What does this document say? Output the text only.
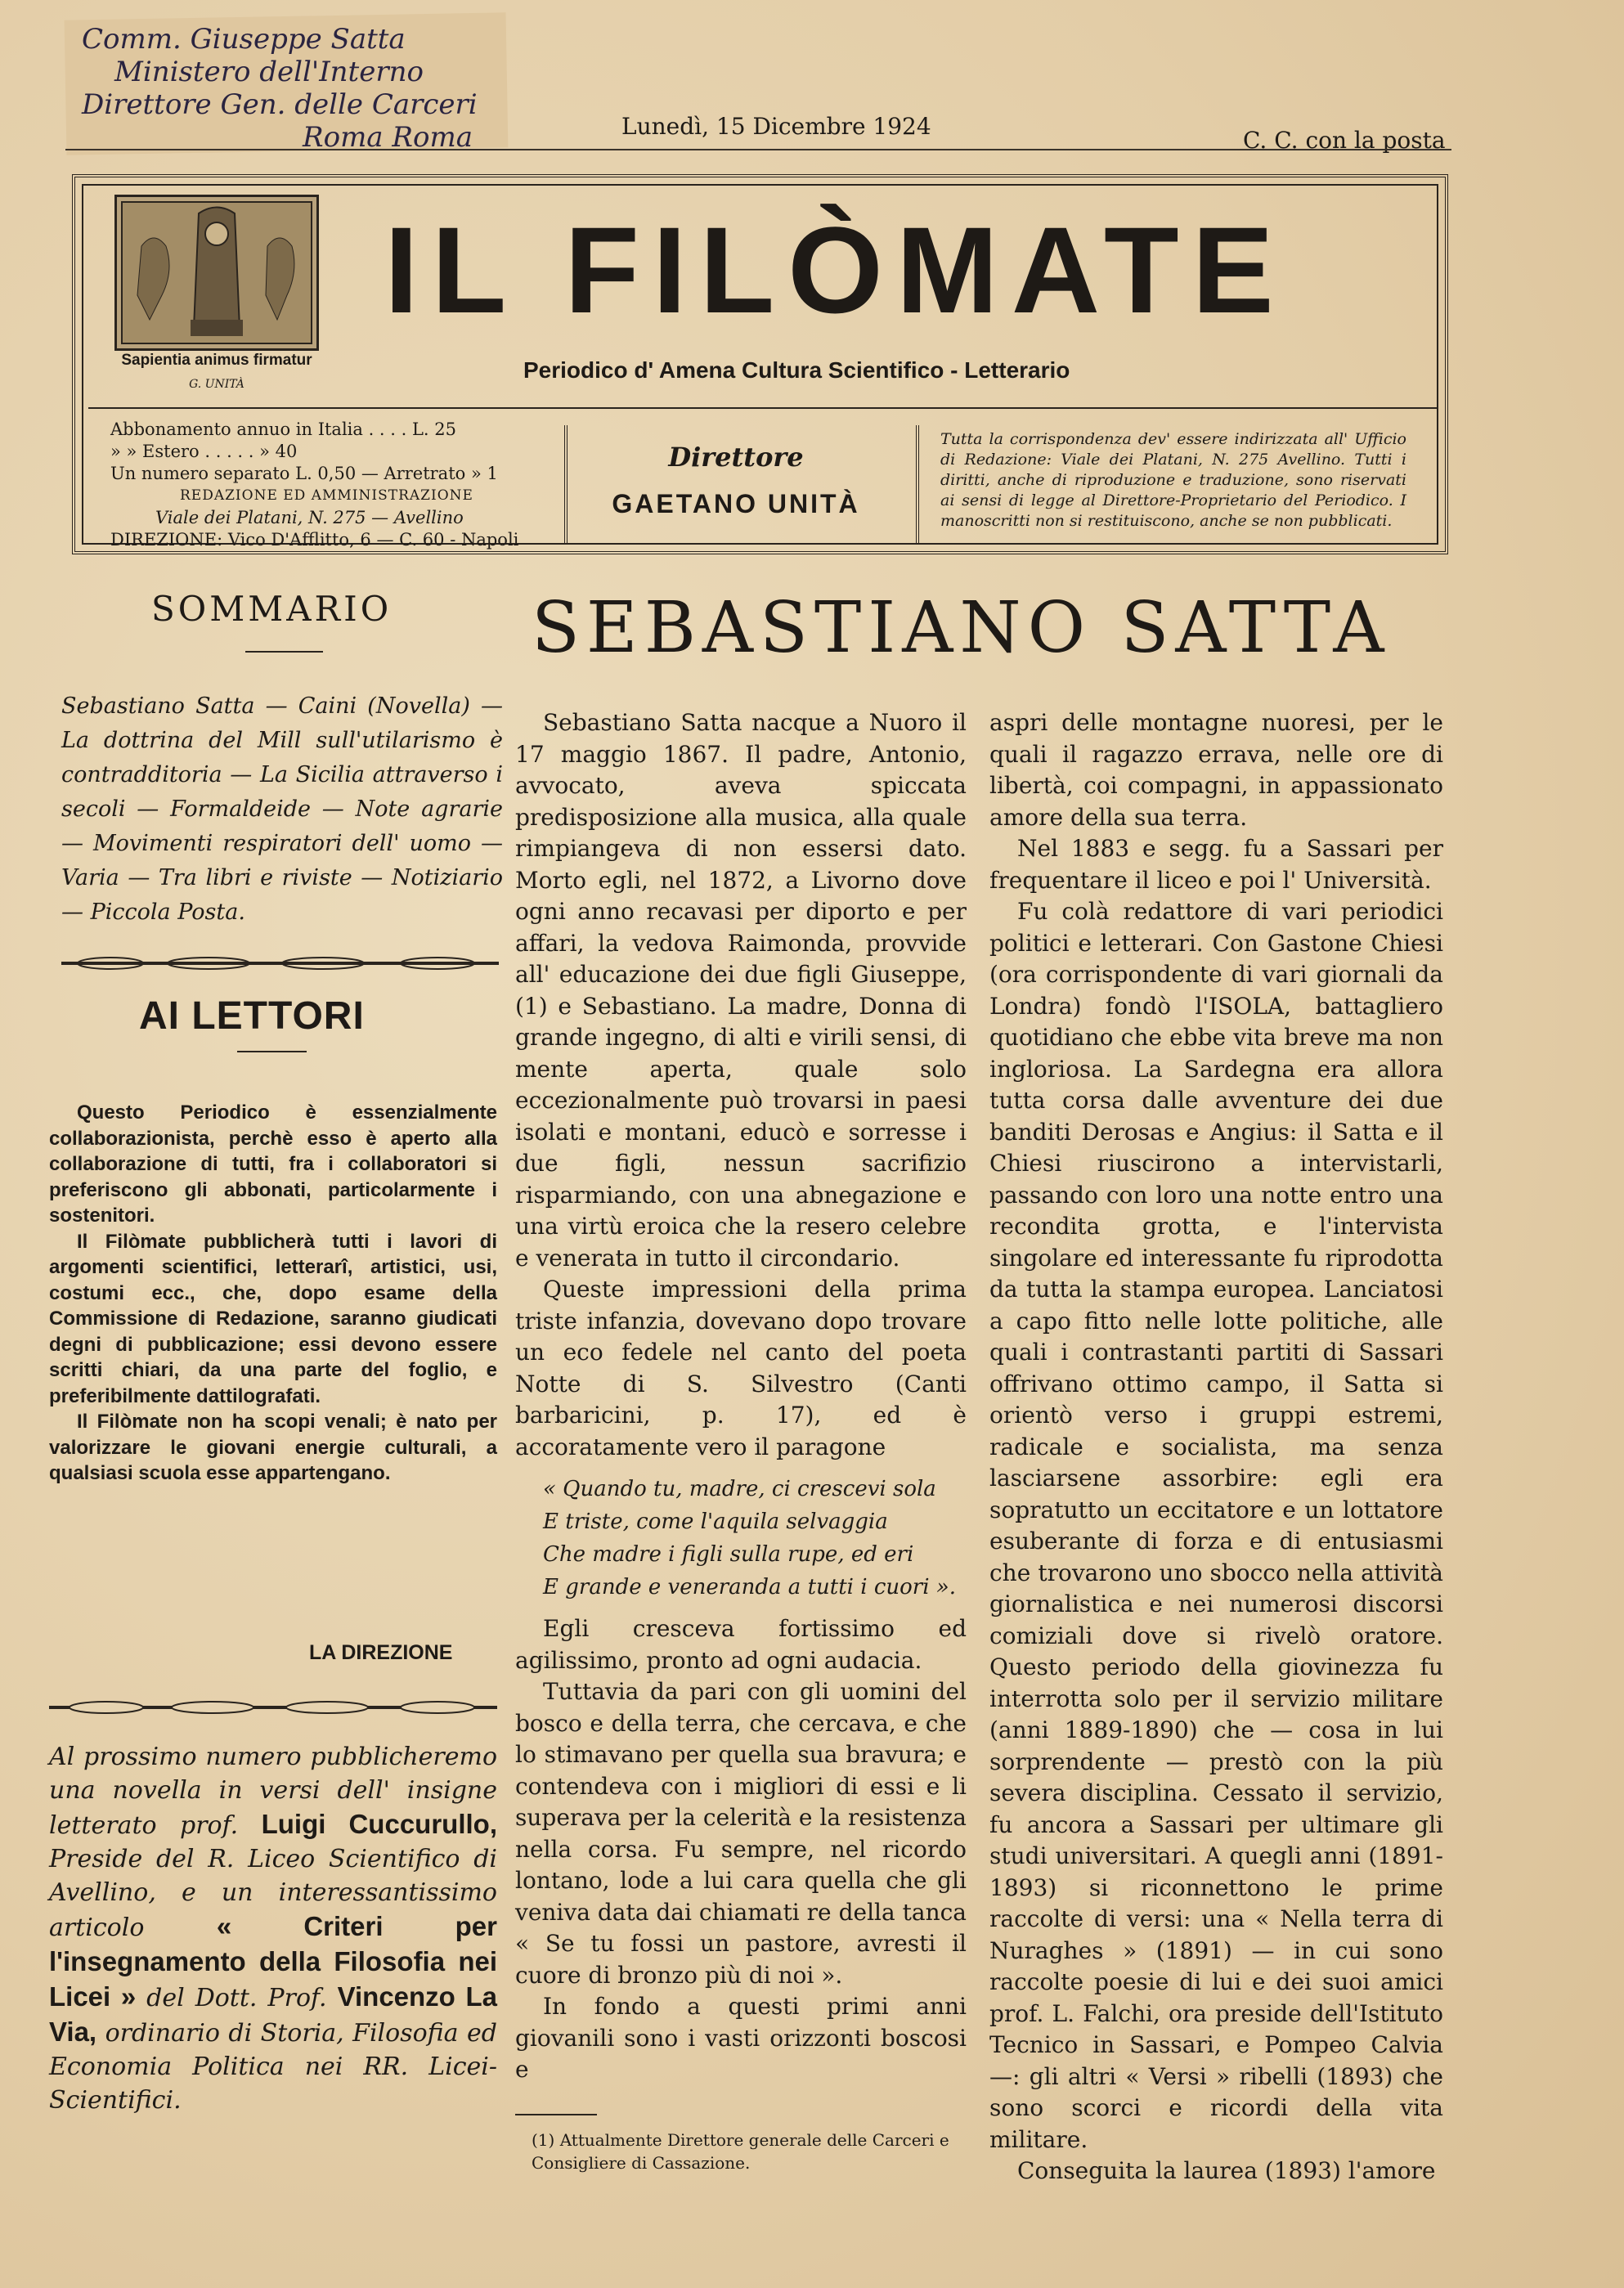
Comm. Giuseppe Satta

Ministero dell'Interno

Direttore Gen. delle Carceri

Roma Roma	Lunedì, 15 Dicembre 1924
C. C. con la posta
Sapientia animus firmatur
G. UNITÀ
IL FILÒMATE
Periodico d' Amena Cultura Scientifico - Letterario
Abbonamento annuo in Italia . . . . L. 25
» » Estero . . . . . » 40
Un numero separato L. 0,50 — Arretrato » 1
REDAZIONE ED AMMINISTRAZIONE
Viale dei Platani, N. 275 — Avellino
DIREZIONE: Vico D'Afflitto, 6 — C. 60 - Napoli
Direttore
GAETANO UNITÀ
Tutta la corrispondenza dev' essere indirizzata all' Ufficio di Redazione: Viale dei Platani, N. 275 Avellino. Tutti i diritti, anche di riproduzione e traduzione, sono riservati ai sensi di legge al Direttore-Proprietario del Periodico. I manoscritti non si restituiscono, anche se non pubblicati.
SOMMARIO
Sebastiano Satta — Caini (Novella) — La dottrina del Mill sull'utilarismo è contradditoria — La Sicilia attraverso i secoli — Formaldeide — Note agrarie — Movimenti respiratori dell' uomo — Varia — Tra libri e riviste — Notiziario — Piccola Posta.
AI LETTORI

Questo Periodico è essenzialmente collaborazionista, perchè esso è aperto alla collaborazione di tutti, fra i collaboratori si preferiscono gli abbonati, particolarmente i sostenitori.

Il Filòmate pubblicherà tutti i lavori di argomenti scientifici, letterarî, artistici, usi, costumi ecc., che, dopo esame della Commissione di Redazione, saranno giudicati degni di pubblicazione; essi devono essere scritti chiari, da una parte del foglio, e preferibilmente dattilografati.

Il Filòmate non ha scopi venali; è nato per valorizzare le giovani energie culturali, a qualsiasi scuola esse appartengano.

LA DIREZIONE
Al prossimo numero pubblicheremo una novella in versi dell' insigne letterato prof. Luigi Cuccurullo, Preside del R. Liceo Scientifico di Avellino, e un interessantissimo articolo	« Criteri per l'insegnamento della Filosofia nei Licei » del Dott. Prof. Vincenzo La Via, ordinario di Storia, Filosofia ed Economia Politica nei RR. Licei-Scientifici.
SEBASTIANO SATTA

Sebastiano Satta nacque a Nuoro il 17 maggio 1867. Il padre, Antonio, avvocato, aveva spiccata predisposizione alla musica, alla quale rimpiangeva di non essersi dato. Morto egli, nel 1872, a Livorno dove ogni anno recavasi per diporto e per affari, la vedova Raimonda, provvide all' educazione dei due figli Giuseppe, (1) e Sebastiano. La madre, Donna di grande ingegno, di alti e virili sensi, di mente aperta, quale solo eccezionalmente può trovarsi in paesi isolati e montani, educò e sorresse i due figli, nessun sacrifizio risparmiando, con una abnegazione e una virtù eroica che la resero celebre e venerata in tutto il circondario.

Queste impressioni della prima triste infanzia, dovevano dopo trovare un eco fedele nel canto del poeta Notte di S. Silvestro (Canti barbaricini, p. 17), ed è accoratamente vero il paragone

« Quando tu, madre, ci crescevi sola
E triste, come l'aquila selvaggia
Che madre i figli sulla rupe, ed eri
E grande e veneranda a tutti i cuori ».

Egli cresceva fortissimo ed agilissimo, pronto ad ogni audacia.

Tuttavia da pari con gli uomini del bosco e della terra, che cercava, e che lo stimavano per quella sua bravura; e contendeva con i migliori di essi e li superava per la celerità e la resistenza nella corsa. Fu sempre, nel ricordo lontano, lode a lui cara quella che gli veniva data dai chiamati re della tanca « Se tu fossi un pastore, avresti il cuore di bronzo più di noi ».

In fondo a questi primi anni giovanili sono i vasti orizzonti boscosi e

aspri delle montagne nuoresi, per le quali il ragazzo errava, nelle ore di libertà, coi compagni, in appassionato amore della sua terra.

Nel 1883 e segg. fu a Sassari per frequentare il liceo e poi l' Università.

Fu colà redattore di vari periodici politici e letterari. Con Gastone Chiesi (ora corrispondente di vari giornali da Londra) fondò l'ISOLA, battagliero quotidiano che ebbe vita breve ma non ingloriosa. La Sardegna era allora tutta corsa dalle avventure dei due banditi Derosas e Angius: il Satta e il Chiesi riuscirono a intervistarli, passando con loro una notte entro una recondita grotta, e l'intervista singolare ed interessante fu riprodotta da tutta la stampa europea. Lanciatosi a capo fitto nelle lotte politiche, alle quali i contrastanti partiti di Sassari offrivano ottimo campo, il Satta si orientò verso i gruppi estremi, radicale e socialista, ma senza lasciarsene assorbire: egli era sopratutto un eccitatore e un lottatore esuberante di forza e di entusiasmi che trovarono uno sbocco nella attività giornalistica e nei numerosi discorsi comiziali dove si rivelò oratore. Questo periodo della giovinezza fu interrotta solo per il servizio militare (anni 1889-1890) che — cosa in lui sorprendente — prestò con la più severa disciplina. Cessato il servizio, fu ancora a Sassari per ultimare gli studi universitari. A quegli anni (1891-1893) si riconnettono le prime raccolte di versi: una « Nella terra di Nuraghes » (1891) — in cui sono raccolte poesie di lui e dei suoi amici prof. L. Falchi, ora preside dell'Istituto Tecnico in Sassari, e Pompeo Calvia —: gli altri « Versi » ribelli (1893) che sono scorci e ricordi della vita militare.

Conseguita la laurea (1893) l'amore

(1) Attualmente Direttore generale delle Carceri e Consigliere di Cassazione.
